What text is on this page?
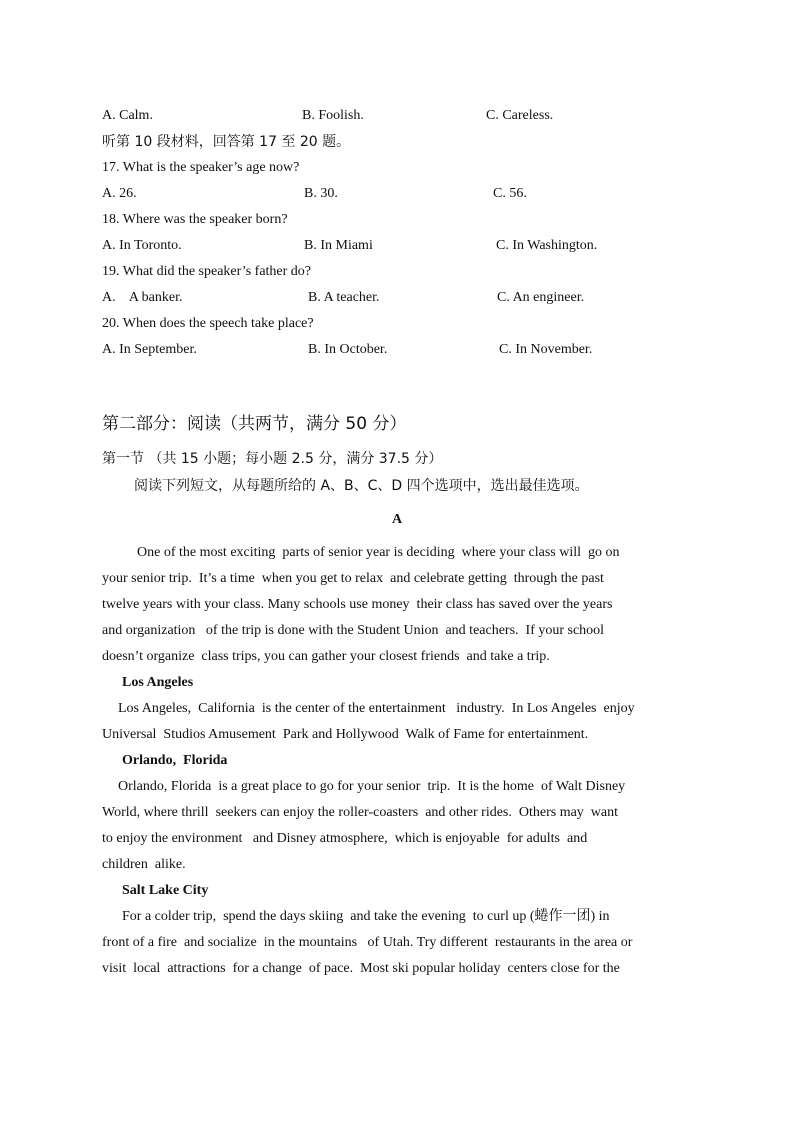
A. Calm.	B. Foolish.	C. Careless.
听第 10 段材料，回答第 17 至 20 题。
17. What is the speaker’s age now?
A. 26.	B. 30.	C. 56.
18. Where was the speaker born?
A. In Toronto.	B. In Miami	C. In Washington.
19. What did the speaker’s father do?
A.    A banker.	B. A teacher.	C. An engineer.
20. When does the speech take place?
A. In September.	B. In October.	C. In November.
第二部分：阅读（共两节，满分 50 分）
第一节 （共 15 小题；每小题 2.5 分，满分 37.5 分）
阅读下列短文，从每题所给的 A、B、C、D 四个选项中，选出最佳选项。
A
One of the most exciting  parts of senior year is deciding  where your class will  go on
your senior trip.  It’s a time  when you get to relax  and celebrate getting  through the past
twelve years with your class. Many schools use money  their class has saved over the years
and organization   of the trip is done with the Student Union  and teachers.  If your school
doesn’t organize  class trips, you can gather your closest friends  and take a trip.
Los Angeles
Los Angeles,  California  is the center of the entertainment   industry.  In Los Angeles  enjoy
Universal  Studios Amusement  Park and Hollywood  Walk of Fame for entertainment.
Orlando,  Florida
Orlando, Florida  is a great place to go for your senior  trip.  It is the home  of Walt Disney
World, where thrill  seekers can enjoy the roller-coasters  and other rides.  Others may  want
to enjoy the environment   and Disney atmosphere,  which is enjoyable  for adults  and
children  alike.
Salt Lake City
For a colder trip,  spend the days skiing  and take the evening  to curl up (蜷作一团) in
front of a fire  and socialize  in the mountains   of Utah. Try different  restaurants in the area or
visit  local  attractions  for a change  of pace.  Most ski popular holiday  centers close for the
